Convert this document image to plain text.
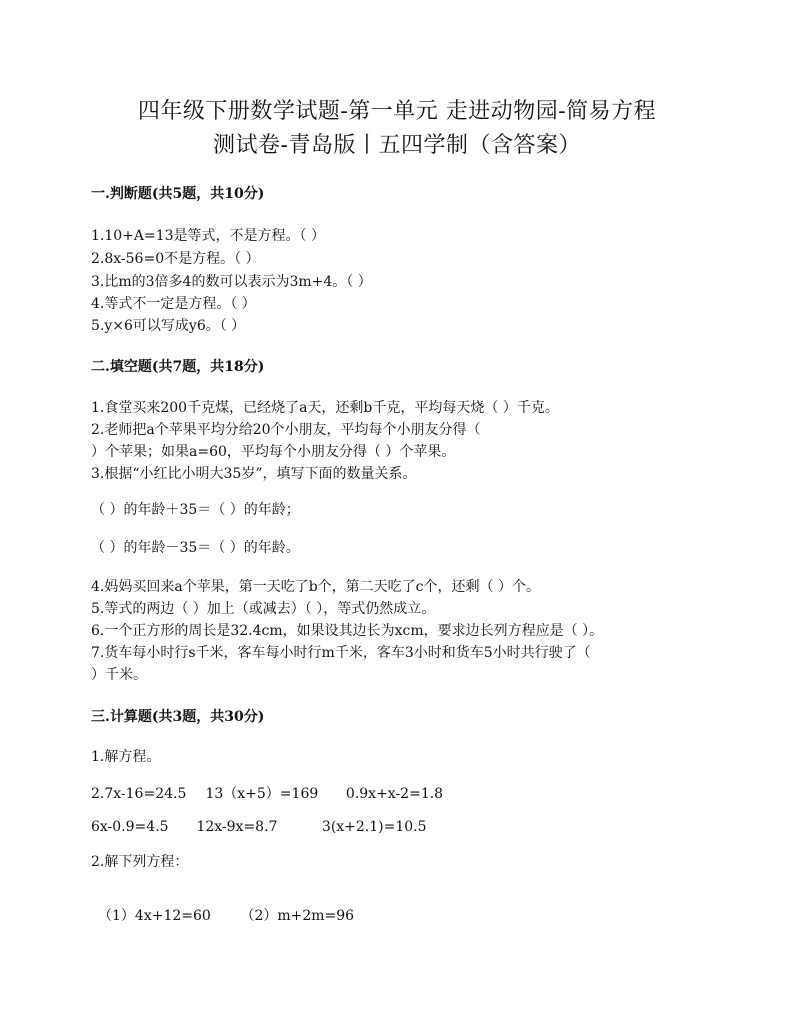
四年级下册数学试题-第一单元 走进动物园-简易方程
测试卷-青岛版丨五四学制（含答案）
一.判断题(共5题，共10分)
1.10+A=13是等式，不是方程。（ ）
2.8x-56=0不是方程。（ ）
3.比m的3倍多4的数可以表示为3m+4。（ ）
4.等式不一定是方程。（ ）
5.y×6可以写成y6。（ ）
二.填空题(共7题，共18分)
1.食堂买来200千克煤，已经烧了a天，还剩b千克，平均每天烧（ ）千克。
2.老师把a个苹果平均分给20个小朋友，平均每个小朋友分得（
）个苹果；如果a=60，平均每个小朋友分得（ ）个苹果。
3.根据“小红比小明大35岁”，填写下面的数量关系。
（ ）的年龄＋35＝（ ）的年龄；
（ ）的年龄－35＝（ ）的年龄。
4.妈妈买回来a个苹果，第一天吃了b个，第二天吃了c个，还剩（ ）个。
5.等式的两边（ ）加上（或减去）（ ），等式仍然成立。
6.一个正方形的周长是32.4cm，如果设其边长为xcm，要求边长列方程应是（ ）。
7.货车每小时行s千米，客车每小时行m千米，客车3小时和货车5小时共行驶了（
）千米。
三.计算题(共3题，共30分)
1.解方程。
2.7x-16=24.5 13（x+5）=169 0.9x+x-2=1.8
6x-0.9=4.5 12x-9x=8.7	3(x+2.1)=10.5
2.解下列方程：
（1）4x+12=60 （2）m+2m=96
